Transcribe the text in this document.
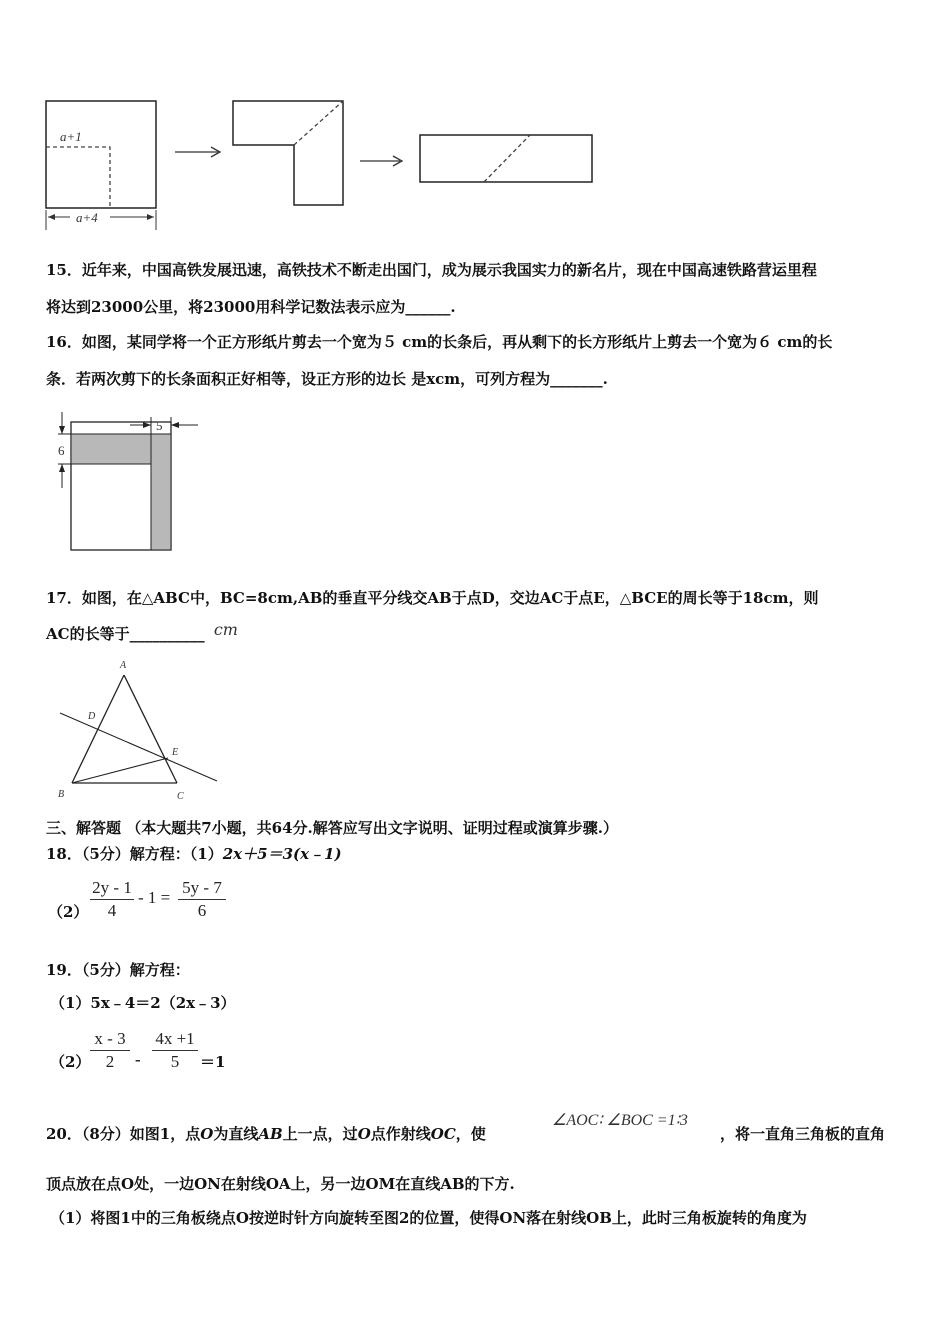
a+1
a+4
15．近年来，中国高铁发展迅速，高铁技术不断走出国门，成为展示我国实力的新名片，现在中国高速铁路营运里程
将达到23000公里，将23000用科学记数法表示应为______.
16．如图，某同学将一个正方形纸片剪去一个宽为５ cm的长条后，再从剩下的长方形纸片上剪去一个宽为６ cm的长
条．若两次剪下的长条面积正好相等，设正方形的边长 是xcm，可列方程为_______.
6
5
17．如图，在△ABC中，BC=8cm,AB的垂直平分线交AB于点D，交边AC于点E，△BCE的周长等于18cm，则
AC的长等于__________ cm
A
D
E
B	C
三、解答题 （本大题共7小题，共64分.解答应写出文字说明、证明过程或演算步骤.）
18．（5分）解方程：（1）2x＋5＝3(x﹣1)
$(2) \frac{2y - 1}{4} - 1 = \frac{5y - 7}{6}$
19．（5分）解方程：
（1）5x﹣4＝2（2x﹣3）
$(2) \frac{x - 3}{2} - \frac{4x +1}{5} =1$
20．（8分）如图1，点O为直线AB上一点，过O点作射线OC，使
∠AOC∶ ∠BOC =1∶3
，将一直角三角板的直角
顶点放在点O处，一边ON在射线OA上，另一边OM在直线AB的下方.
（1）将图1中的三角板绕点O按逆时针方向旋转至图2的位置，使得ON落在射线OB上，此时三角板旋转的角度为
